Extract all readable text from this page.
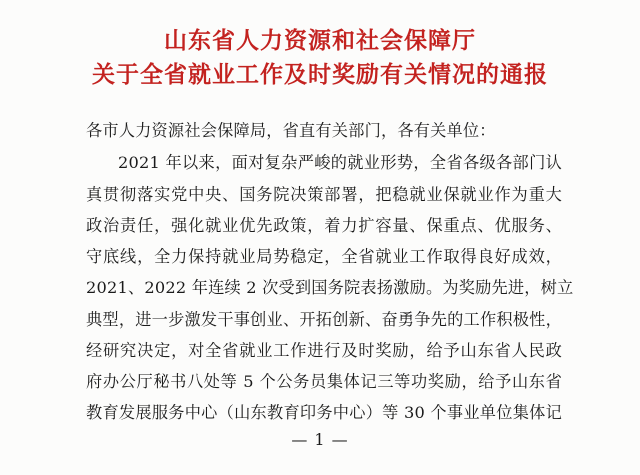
山东省人力资源和社会保障厅
关于全省就业工作及时奖励有关情况的通报
各市人力资源社会保障局，省直有关部门，各有关单位：
2021 年以来，面对复杂严峻的就业形势，全省各级各部门认
真贯彻落实党中央、国务院决策部署，把稳就业保就业作为重大
政治责任，强化就业优先政策，着力扩容量、保重点、优服务、
守底线，全力保持就业局势稳定，全省就业工作取得良好成效，
2021、2022 年连续 2 次受到国务院表扬激励。为奖励先进，树立
典型，进一步激发干事创业、开拓创新、奋勇争先的工作积极性，
经研究决定，对全省就业工作进行及时奖励，给予山东省人民政
府办公厅秘书八处等 5 个公务员集体记三等功奖励，给予山东省
教育发展服务中心（山东教育印务中心）等 30 个事业单位集体记
— 1 —
